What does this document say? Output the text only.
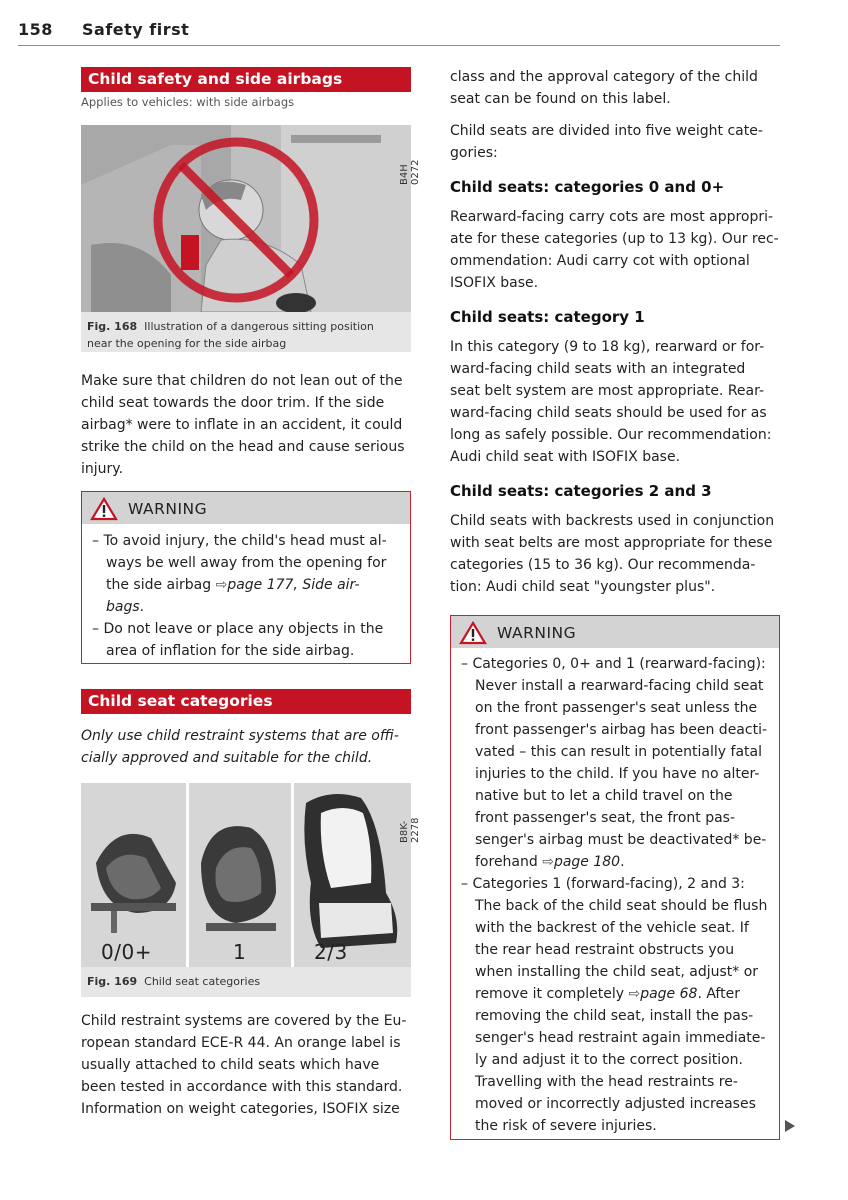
158 Safety first
Child safety and side airbags
Applies to vehicles: with side airbags
B4H 0272
Fig. 168 Illustration of a dangerous sitting position
near the opening for the side airbag

Make sure that children do not lean out of the
child seat towards the door trim. If the side
airbag* were to inflate in an accident, it could
strike the child on the head and cause serious
injury.

WARNING
– To avoid injury, the child's head must al-
ways be well away from the opening for
the side airbag ⇨page 177, Side air-
bags.
– Do not leave or place any objects in the
area of inflation for the side airbag.
Child seat categories

Only use child restraint systems that are offi-
cially approved and suitable for the child.

0/0+	1	2/3
B8K-2278
Fig. 169 Child seat categories

Child restraint systems are covered by the Eu-
ropean standard ECE-R 44. An orange label is
usually attached to child seats which have
been tested in accordance with this standard.
Information on weight categories, ISOFIX size

class and the approval category of the child
seat can be found on this label.

Child seats are divided into five weight cate-
gories:

Child seats: categories 0 and 0+

Rearward-facing carry cots are most appropri-
ate for these categories (up to 13 kg). Our rec-
ommendation: Audi carry cot with optional
ISOFIX base.

Child seats: category 1

In this category (9 to 18 kg), rearward or for-
ward-facing child seats with an integrated
seat belt system are most appropriate. Rear-
ward-facing child seats should be used for as
long as safely possible. Our recommendation:
Audi child seat with ISOFIX base.

Child seats: categories 2 and 3

Child seats with backrests used in conjunction
with seat belts are most appropriate for these
categories (15 to 36 kg). Our recommenda-
tion: Audi child seat "youngster plus".

WARNING
– Categories 0, 0+ and 1 (rearward-facing):
Never install a rearward-facing child seat
on the front passenger's seat unless the
front passenger's airbag has been deacti-
vated – this can result in potentially fatal
injuries to the child. If you have no alter-
native but to let a child travel on the
front passenger's seat, the front pas-
senger's airbag must be deactivated* be-
forehand ⇨page 180.
– Categories 1 (forward-facing), 2 and 3:
The back of the child seat should be flush
with the backrest of the vehicle seat. If
the rear head restraint obstructs you
when installing the child seat, adjust* or
remove it completely ⇨page 68. After
removing the child seat, install the pas-
senger's head restraint again immediate-
ly and adjust it to the correct position.
Travelling with the head restraints re-
moved or incorrectly adjusted increases
the risk of severe injuries.
